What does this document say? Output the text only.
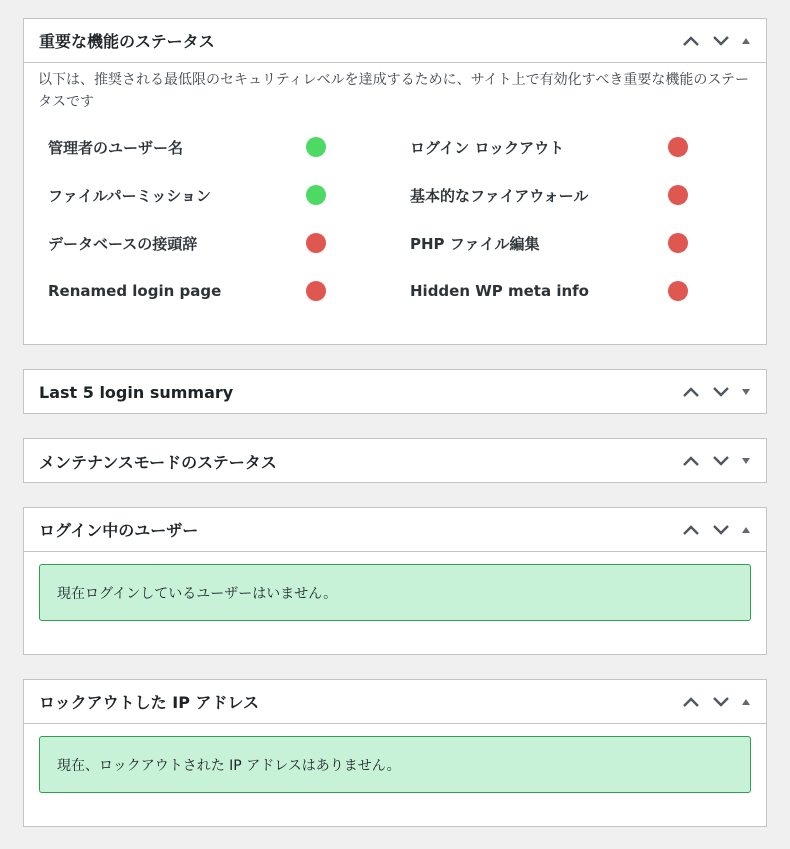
重要な機能のステータス

以下は、推奨される最低限のセキュリティレベルを達成するために、サイト上で有効化すべき重要な機能のステータスです

管理者のユーザー名	ログイン ロックアウト
ファイルパーミッション	基本的なファイアウォール
データベースの接頭辞	PHP ファイル編集
Renamed login page	Hidden WP meta info
Last 5 login summary
メンテナンスモードのステータス
ログイン中のユーザー
現在ログインしているユーザーはいません。
ロックアウトした IP アドレス
現在、ロックアウトされた IP アドレスはありません。
